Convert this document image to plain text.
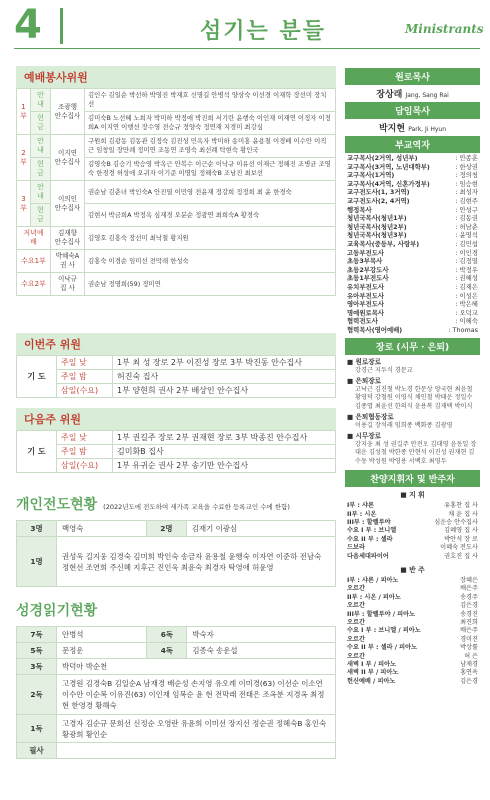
4	섬기는 분들	Ministrants
예배봉사위원
1부	안내	조광행 안수집사	김인수 김일순 박선하 박영진 박재호 신명길 안병석 양상숙 이선경 이재학 장선미 장치선
	헌금		김미숙B 노선혜 노희자 박미하 박정애 박진희 서기란 윤행숙 이인재 이재연 이정자 이정희A 이지연 이행선 장수영 전승규 정양숙 정연재 지경미 최강심
2부	안내	이지연 안수집사	구원희 김광동 김동관 김정숙 김진성 민옥자 박미하 송미홍 윤용철 이경배 이수안 이직근 임창일 장만례 정미연 조동연 조영숙 최선례 탁현숙 황인국
	헌금		김영숙B 김승기 박승영 박옥근 안복수 이근순 이낙규 이유선 이재근 정해진 조병균 조영숙 한경경 허성애 오귀자 이기준 이명일 정해숙B 조남진 최보선
3부	안내	이의인 안수집사	권순남 김춘녀 박인숙A 안진열 이민영 전윤재 정강희 정정희 최 윤 한경숙
	헌금		김현서 박금희A 박정옥 심재경 오분순 정광연 최희숙A 황경숙
저녁예배		김재향 안수집사	김영호 김홍숙 장선미 최낙철 황지원
수요1부		박혜숙A 권 사	김홍숙 이경순 임미선 전막래 한성숙
수요2부		이낙규 집 사	권순남 정명희(59) 정미연
이번주 위원
기 도	주일 낮	1부 최 성 장로 2부 이진성 장로 3부 박진동 안수집사
	주일 밤	허진숙 집사
	삼일(수요)	1부 양현희 권사 2부 배상인 안수집사
다음주 위원
기 도	주일 낮	1부 권길주 장로 2부 권재현 장로 3부 박종진 안수집사
	주일 밤	김미화B 집사
	삼일(수요)	1부 유귀순 권사 2부 송기만 안수집사
개인전도현황 (2022년도에 전도하여 새가족 교육을 수료한 등록교인 수에 한함)
3명	백영숙	2명	김재기 이광심
1명	권성욱 길지웅 김경숙 김미희 박인숙 송금자 윤용철 윤행숙 이자연 이준하 전남숙 정현선 조연희 주신혜 지후근 진인욱 최윤숙 최경자 탁영애 허윤영		
성경읽기현황
7독	안병석	6독	박숙자
5독	문정운	4독	김종숙 송운섭
3독	박덕아 박순천		
2독	고경원 김경숙B 김일순A 남재경 배순성 손지영 유오례 이미경(63) 이선순 이소연 이수안 이순복 이유진(63) 이인재 임복순 윤 현 전막래 전태은 조옥분 지경옥 최정현 한영경 황해숙		
1독	고경자 김순규 문희선 신정순 오영란 유윤희 이미선 장지선 정순권 정혜숙B 홍인숙 황광희 황인순		
필사			
원로목사
장상래 Jang, Sang Rai
담임목사
박지현 Park, Ji Hyun
부교역자
교구목사(2거역, 성년부)	: 안종훈
교구목사(3거역, 노년대학부)	: 한상권
교구목사(1거역)	: 정의청
교구목사(4거역, 신혼가정부)	: 임승현
교구전도사(1, 3거역)	: 최성자
교구전도사(2, 4거역)	: 김현주
행정목사	: 안성구
청년국목사(청년1부)	: 김동권
청년국목사(청년2부)	: 허남춘
청년국목사(청년3부)	: 윤영석
교육목사(중등부, 사랑부)	: 김민섭
고등부전도사	: 이인경
초등3부목사	: 김정열
초등2부강도사	: 박정우
초등1부전도사	: 권혜성
유치부전도사	: 김재은
유아부전도사	: 이성은
영아부전도사	: 박은혜
명예원로목사	: 오덕교
협력전도사	: 이혜숙
협력목사(영어예배)	: Thomas
장로 (시무 · 은퇴)
■ 원로장로
강경근 지두식 경문교
■ 은퇴장로
고낙근 김진철 박노경 한문상 양국현 최윤철 황영덕 강철원 이영식 채인철 박태운 정일수 김종엽 최윤선 한의식 윤용복 김재택 박이식
■ 은퇴협동장로
이용길 장석래 임희종 백화종 김광영
■ 시무장로
강지웅 최 성 권길주 안전오 김대영 윤동일 장대운 김성철 박한종 안현석 이진성 권재현 김수동 박성원 박영용 서백호 최영두
찬양지휘자 및 반주자
■ 지 휘
I부 : 샤론	유홍찬 집 사
II부 : 시온	채 윤 집 사
III부 : 할렐루야	심운승 안수집사
수요 I 부 : 브니엘	김혜영 집 사
수요 II 부 : 셀라	박안석 장 로
드보라	이혜숙 전도사
다음세대파이어	권호진 집 사
■ 반 주
I부 : 샤론 / 피아노	장혜은
오르간	배은주
II부 : 시온 / 피아노	송경주
오르간	김은경
III부 : 할렐루야 / 피아노	송경진
오르간	최진희
수요 I 부 : 브니엘 / 피아노	배은주
오르간	경미진
수요 II 부 : 셀라 / 피아노	박상률
오르간	허 은
새벽 I 부 / 피아노	남재경
새벽 II 부 / 피아노	홍연옥
헌신예배 / 피아노	김은경
